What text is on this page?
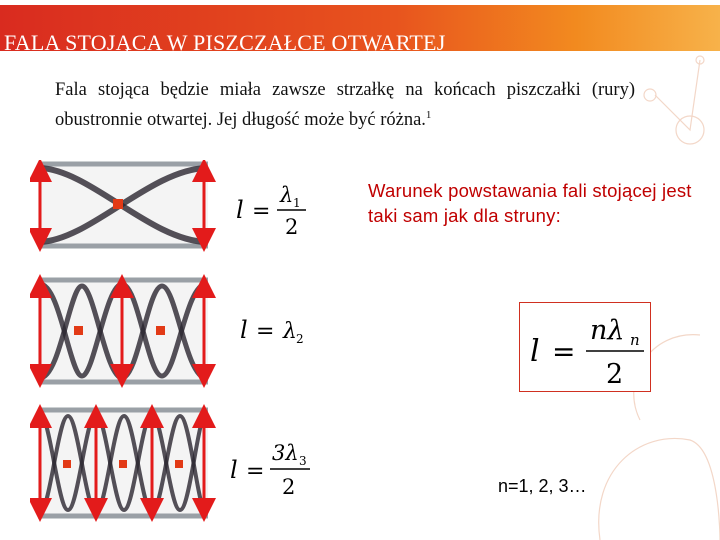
FALA STOJĄCA W PISZCZAŁCE OTWARTEJ
Fala stojąca będzie miała zawsze strzałkę na końcach piszczałki (rury) obustronnie otwartej. Jej długość może być różna.$^1$
l =
λ 1
2
l = λ 2
l =
3λ 3
2
Warunek powstawania fali stojącej jest taki sam jak dla struny:
l =
nλ n
2
n=1, 2, 3…
